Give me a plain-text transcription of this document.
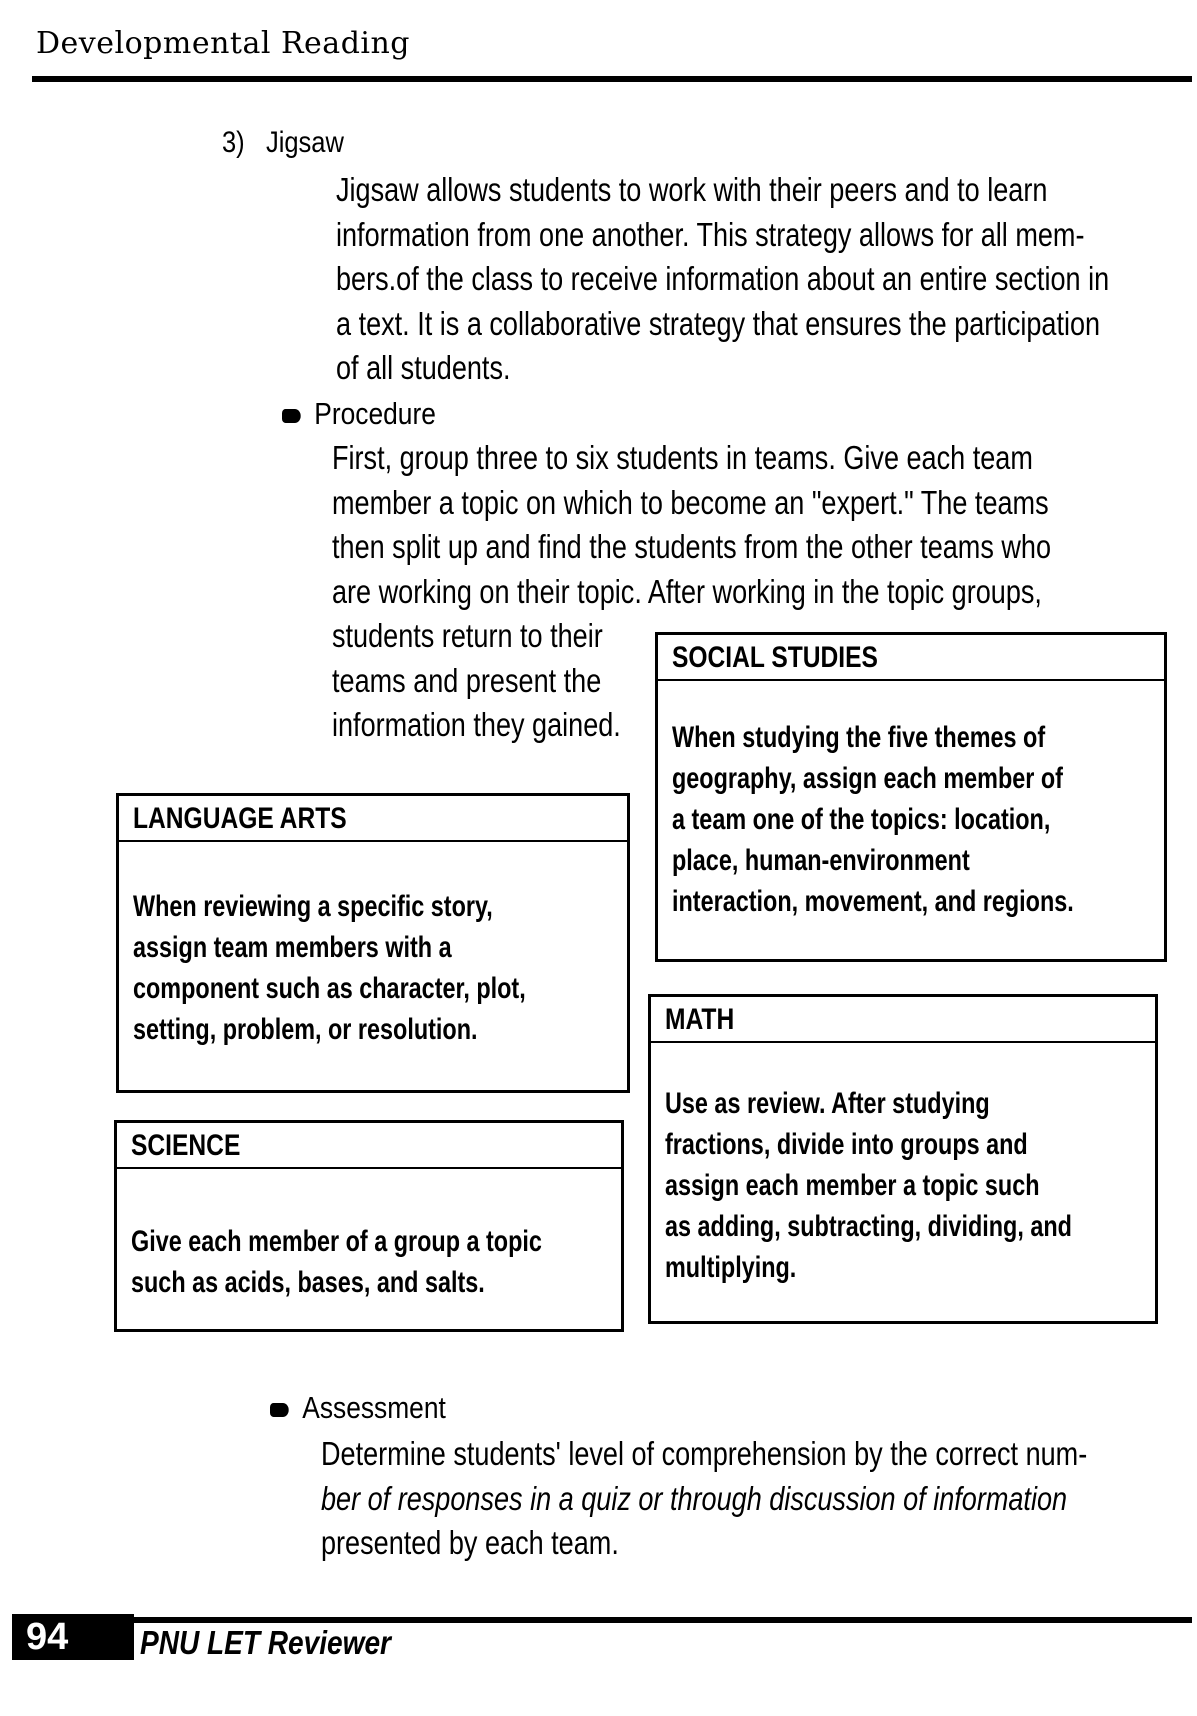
Developmental Reading
3) Jigsaw
Jigsaw allows students to work with their peers and to learn
information from one another. This strategy allows for all mem-
bers.of the class to receive information about an entire section in
a text. It is a collaborative strategy that ensures the participation
of all students.
Procedure
First, group three to six students in teams. Give each team
member a topic on which to become an "expert." The teams
then split up and find the students from the other teams who
are working on their topic. After working in the topic groups,
students return to their
teams and present the
information they gained.
SOCIAL STUDIES
When studying the five themes of
geography, assign each member of
a team one of the topics: location,
place, human-environment
interaction, movement, and regions.
LANGUAGE ARTS
When reviewing a specific story,
assign team members with a
component such as character, plot,
setting, problem, or resolution.	MATH
Use as review. After studying
fractions, divide into groups and
assign each member a topic such
as adding, subtracting, dividing, and
multiplying.
SCIENCE
Give each member of a group a topic
such as acids, bases, and salts.
Assessment
Determine students' level of comprehension by the correct num-
ber of responses in a quiz or through discussion of information
presented by each team.
94	PNU LET Reviewer
